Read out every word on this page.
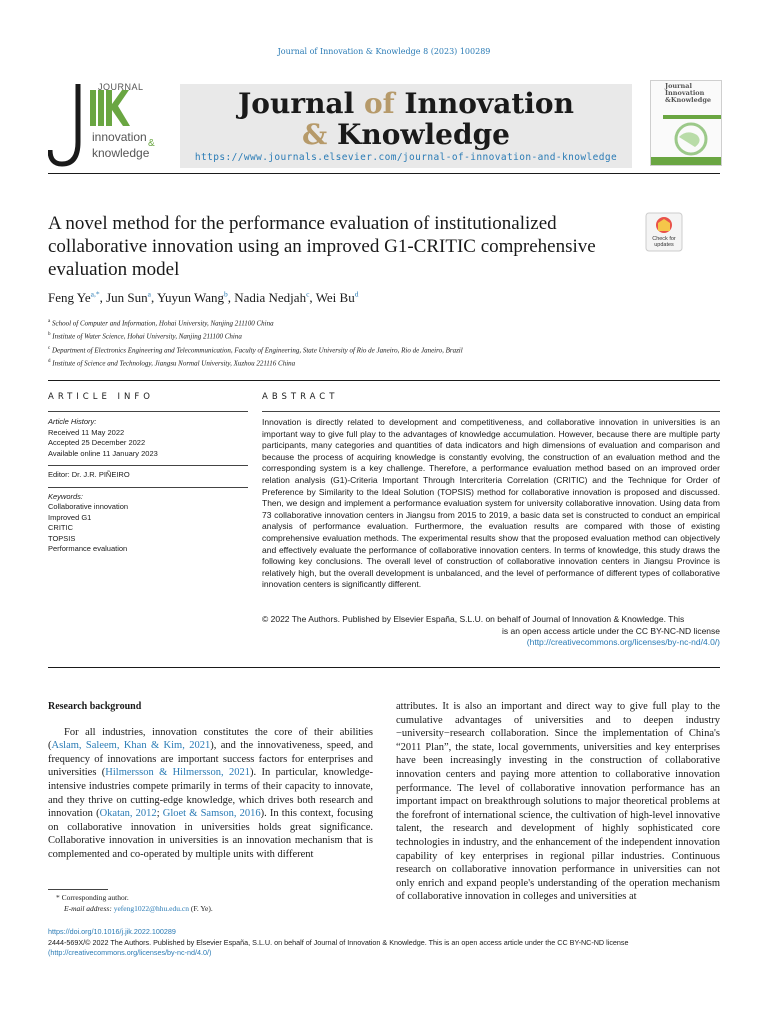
Journal of Innovation & Knowledge 8 (2023) 100289
JOURNAL
innovation &
knowledge
Journal of Innovation
& Knowledge
https://www.journals.elsevier.com/journal-of-innovation-and-knowledge
Journal Innovation &Knowledge
A novel method for the performance evaluation of institutionalized collaborative innovation using an improved G1-CRITIC comprehensive evaluation model
Check for updates
Feng $Ye^{a,*}$, Jun Sun$^a$, Yuyun Wang$^b$, Nadia Nedjah$^c$, Wei Bu$^d$
$^a$ School of Computer and Information, Hohai University, Nanjing 211100 China
$^b$ Institute of Water Science, Hohai University, Nanjing 211100 China
$^c$ Department of Electronics Engineering and Telecommunication, Faculty of Engineering, State University of Rio de Janeiro, Rio de Janeiro, Brazil
$^d$ Institute of Science and Technology, Jiangsu Normal University, Xuzhou 221116 China
ARTICLE INFO	ABSTRACT
Article History:
Received 11 May 2022
Accepted 25 December 2022
Available online 11 January 2023
Editor: Dr. J.R. PIÑEIRO
Keywords:
Collaborative innovation
Improved G1
CRITIC
TOPSIS
Performance evaluation
Innovation is directly related to development and competitiveness, and collaborative innovation in universities is an important way to give full play to the advantages of knowledge accumulation. However, because there are multiple party participants, many categories and quantities of data indicators and high dimensions of evaluation and comparison and because the process of acquiring knowledge is constantly evolving, the construction of an evaluation method and the corresponding system is a key challenge. Therefore, a performance evaluation method based on an improved order relation analysis (G1)-Criteria Important Through Intercriteria Correlation (CRITIC) and the Technique for Order of Preference by Similarity to the Ideal Solution (TOPSIS) method for collaborative innovation is proposed and discussed. Then, we design and implement a performance evaluation system for university collaborative innovation. Using data from 73 collaborative innovation centers in Jiangsu from 2015 to 2019, a basic data set is constructed to conduct an empirical analysis of performance evaluation. Furthermore, the evaluation results are compared with those of existing comprehensive evaluation methods. The experimental results show that the proposed evaluation method can objectively and effectively evaluate the performance of collaborative innovation centers. In terms of knowledge, this study draws the following key conclusions. The overall level of construction of collaborative innovation centers in Jiangsu Province is relatively high, but the overall development is unbalanced, and the level of performance of different types of collaborative innovation centers is significantly different.
© 2022 The Authors. Published by Elsevier España, S.L.U. on behalf of Journal of Innovation & Knowledge. This
is an open access article under the CC BY-NC-ND license
(http://creativecommons.org/licenses/by-nc-nd/4.0/)
Research background

For all industries, innovation constitutes the core of their abilities (Aslam, Saleem, Khan & Kim, 2021), and the innovativeness, speed, and frequency of innovations are important success factors for enterprises and universities (Hilmersson & Hilmersson, 2021). In particular, knowledge-intensive industries compete primarily in terms of their capacity to innovate, and they thrive on cutting-edge knowledge, which drives both research and innovation (Okatan, 2012; Gloet & Samson, 2016). In this context, focusing on collaborative innovation in universities holds great significance. Collaborative innovation in universities is an innovation mechanism that is complemented and co-operated by multiple units with different

attributes. It is also an important and direct way to give full play to the cumulative advantages of universities and to deepen industry −university−research collaboration. Since the implementation of China's “2011 Plan”, the state, local governments, universities and key enterprises have been increasingly investing in the construction of collaborative innovation centers and paying more attention to collaborative innovation performance. The level of collaborative innovation performance has an important impact on breakthrough solutions to major theoretical problems at the forefront of international science, the cultivation of high-level innovative talent, the research and development of highly sophisticated core technologies in industry, and the enhancement of the independent innovation capability of key enterprises in regional pillar industries. Continuous research on collaborative innovation performance in universities can not only enrich and expand people's understanding of the operation mechanism of collaborative innovation in colleges and universities at
* Corresponding author.
E-mail address: yefeng1022@hhu.edu.cn (F. Ye).
https://doi.org/10.1016/j.jik.2022.100289
2444-569X/© 2022 The Authors. Published by Elsevier España, S.L.U. on behalf of Journal of Innovation & Knowledge. This is an open access article under the CC BY-NC-ND license
(http://creativecommons.org/licenses/by-nc-nd/4.0/)
